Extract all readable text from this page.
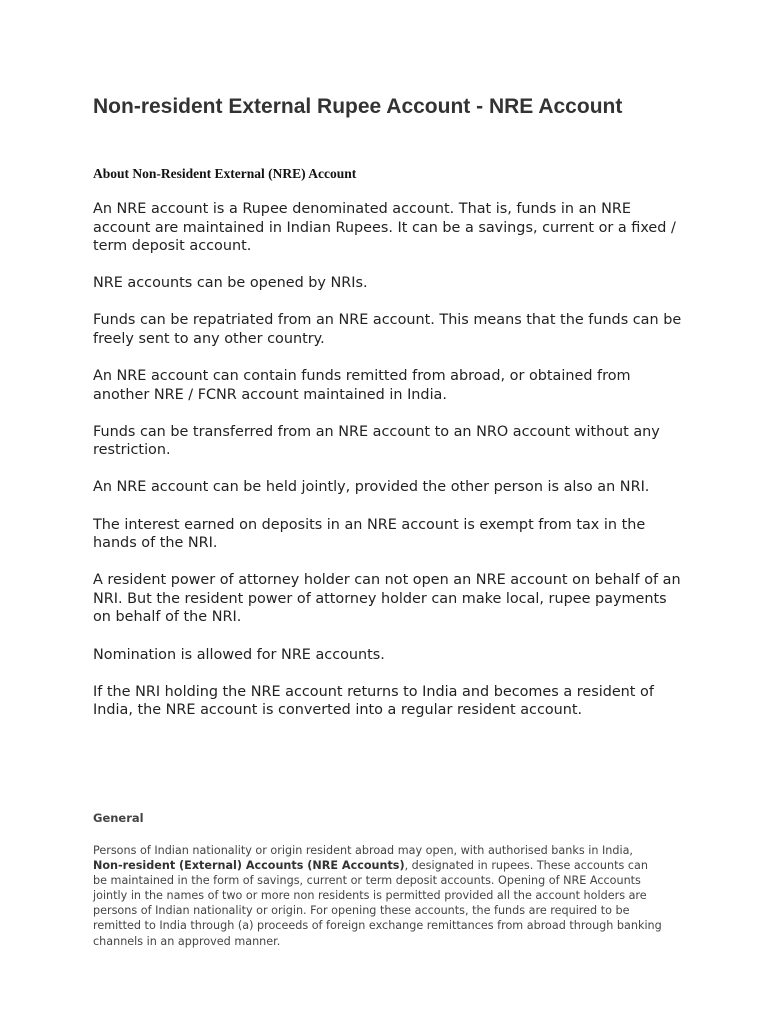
Non-resident External Rupee Account - NRE Account
About Non-Resident External (NRE) Account

An NRE account is a Rupee denominated account. That is, funds in an NRE account are maintained in Indian Rupees. It can be a savings, current or a fixed / term deposit account.

NRE accounts can be opened by NRIs.

Funds can be repatriated from an NRE account. This means that the funds can be freely sent to any other country.

An NRE account can contain funds remitted from abroad, or obtained from another NRE / FCNR account maintained in India.

Funds can be transferred from an NRE account to an NRO account without any restriction.

An NRE account can be held jointly, provided the other person is also an NRI.

The interest earned on deposits in an NRE account is exempt from tax in the hands of the NRI.

A resident power of attorney holder can not open an NRE account on behalf of an NRI. But the resident power of attorney holder can make local, rupee payments on behalf of the NRI.

Nomination is allowed for NRE accounts.

If the NRI holding the NRE account returns to India and becomes a resident of India, the NRE account is converted into a regular resident account.

General

Persons of Indian nationality or origin resident abroad may open, with authorised banks in India, Non-resident (External) Accounts (NRE Accounts), designated in rupees. These accounts can be maintained in the form of savings, current or term deposit accounts. Opening of NRE Accounts jointly in the names of two or more non residents is permitted provided all the account holders are persons of Indian nationality or origin. For opening these accounts, the funds are required to be remitted to India through (a) proceeds of foreign exchange remittances from abroad through banking channels in an approved manner.
